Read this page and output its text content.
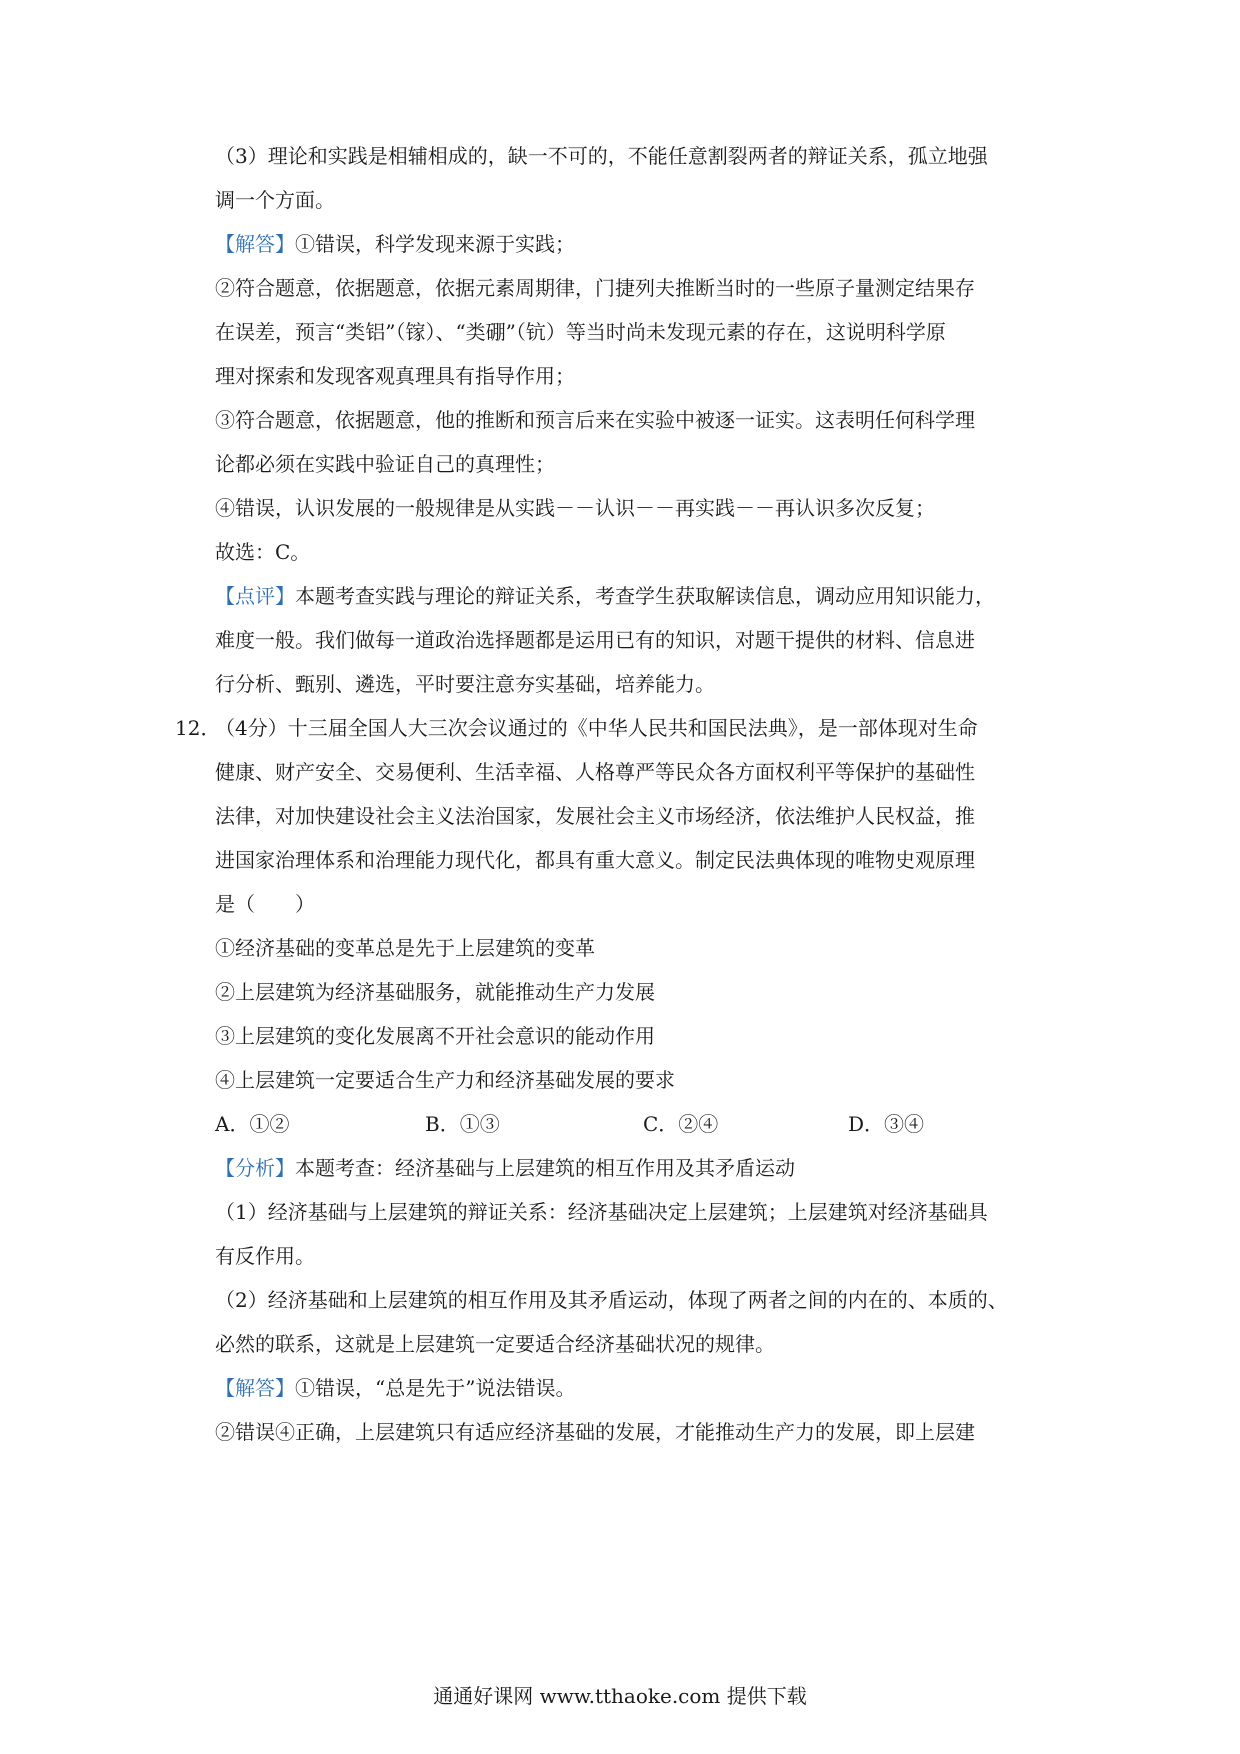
（3）理论和实践是相辅相成的，缺一不可的，不能任意割裂两者的辩证关系，孤立地强
调一个方面。
【解答】①错误，科学发现来源于实践；
②符合题意，依据题意，依据元素周期律，门捷列夫推断当时的一些原子量测定结果存
在误差，预言“类铝”（镓）、“类硼”（钪）等当时尚未发现元素的存在，这说明科学原
理对探索和发现客观真理具有指导作用；
③符合题意，依据题意，他的推断和预言后来在实验中被逐一证实。这表明任何科学理
论都必须在实践中验证自己的真理性；
④错误，认识发展的一般规律是从实践－－认识－－再实践－－再认识多次反复；
故选：C。
【点评】本题考查实践与理论的辩证关系，考查学生获取解读信息，调动应用知识能力，
难度一般。我们做每一道政治选择题都是运用已有的知识，对题干提供的材料、信息进
行分析、甄别、遴选，平时要注意夯实基础，培养能力。
12．
（4分）十三届全国人大三次会议通过的《中华人民共和国民法典》，是一部体现对生命
健康、财产安全、交易便利、生活幸福、人格尊严等民众各方面权利平等保护的基础性
法律，对加快建设社会主义法治国家，发展社会主义市场经济，依法维护人民权益，推
进国家治理体系和治理能力现代化，都具有重大意义。制定民法典体现的唯物史观原理
是（　　）
①经济基础的变革总是先于上层建筑的变革
②上层建筑为经济基础服务，就能推动生产力发展
③上层建筑的变化发展离不开社会意识的能动作用
④上层建筑一定要适合生产力和经济基础发展的要求
A．①②	B．①③	C．②④	D．③④
【分析】本题考查：经济基础与上层建筑的相互作用及其矛盾运动
（1）经济基础与上层建筑的辩证关系：经济基础决定上层建筑；上层建筑对经济基础具
有反作用。
（2）经济基础和上层建筑的相互作用及其矛盾运动，体现了两者之间的内在的、本质的、
必然的联系，这就是上层建筑一定要适合经济基础状况的规律。
【解答】①错误，“总是先于”说法错误。
②错误④正确，上层建筑只有适应经济基础的发展，才能推动生产力的发展，即上层建
通通好课网 www.tthaoke.com 提供下载
